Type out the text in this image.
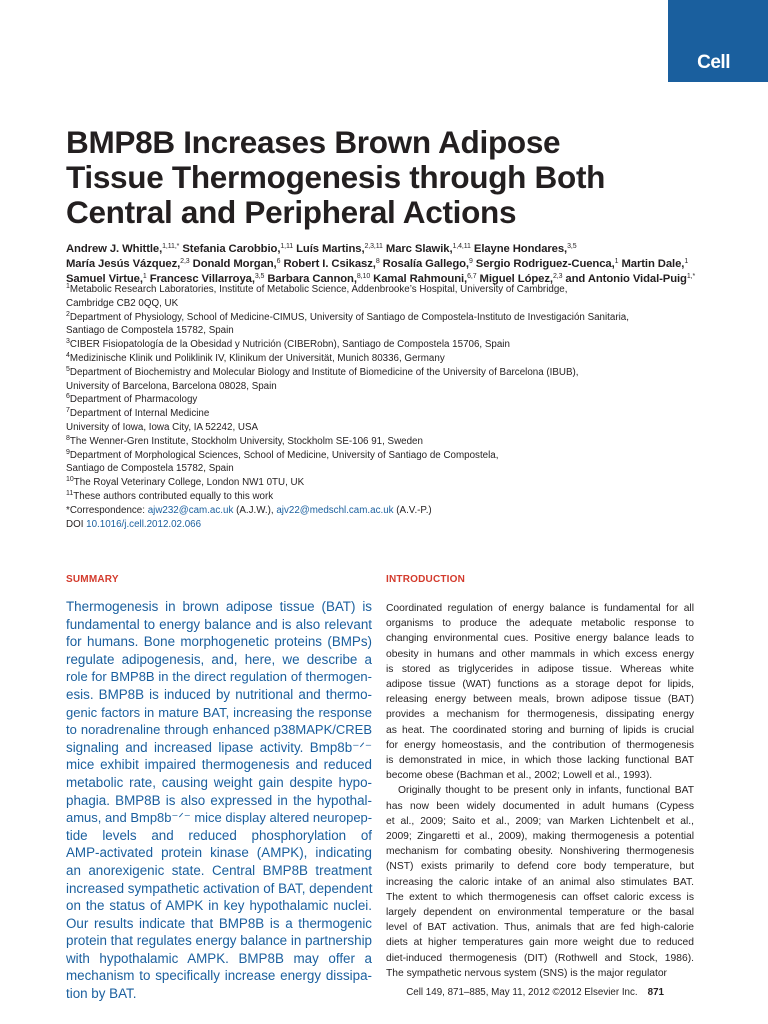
Cell
BMP8B Increases Brown Adipose
Tissue Thermogenesis through Both
Central and Peripheral Actions
Andrew J. Whittle,$^{1,11,*}$ Stefania Carobbio,$^{1,11}$ Luís Martins,$^{2,3,11}$ Marc Slawik,$^{1,4,11}$ Elayne Hondares,$^{3,5}$
María Jesús Vázquez,$^{2,3}$ Donald Morgan,$^6$ Robert I. Csikasz,$^8$ Rosalía Gallego,$^9$ Sergio Rodriguez-Cuenca,$^1$ Martin Dale,$^1$
Samuel Virtue,$^1$ Francesc Villarroya,$^{3,5}$ Barbara Cannon,$^{8,10}$ Kamal Rahmouni,$^{6,7}$ Miguel López,$^{2,3}$ and Antonio Vidal-Puig$^{1,*}$
$^1$Metabolic Research Laboratories, Institute of Metabolic Science, Addenbrooke’s Hospital, University of Cambridge,
Cambridge CB2 0QQ, UK
$^2$Department of Physiology, School of Medicine-CIMUS, University of Santiago de Compostela-Instituto de Investigación Sanitaria,
Santiago de Compostela 15782, Spain
$^3$CIBER Fisiopatología de la Obesidad y Nutrición (CIBERobn), Santiago de Compostela 15706, Spain
$^4$Medizinische Klinik und Poliklinik IV, Klinikum der Universität, Munich 80336, Germany
$^5$Department of Biochemistry and Molecular Biology and Institute of Biomedicine of the University of Barcelona (IBUB),
University of Barcelona, Barcelona 08028, Spain
$^6$Department of Pharmacology
$^7$Department of Internal Medicine
University of Iowa, Iowa City, IA 52242, USA
$^8$The Wenner-Gren Institute, Stockholm University, Stockholm SE-106 91, Sweden
$^9$Department of Morphological Sciences, School of Medicine, University of Santiago de Compostela,
Santiago de Compostela 15782, Spain
$^{10}$The Royal Veterinary College, London NW1 0TU, UK
$^{11}$These authors contributed equally to this work
*Correspondence: ajw232@cam.ac.uk (A.J.W.), ajv22@medschl.cam.ac.uk (A.V.-P.)
DOI 10.1016/j.cell.2012.02.066
SUMMARY	INTRODUCTION
Thermogenesis in brown adipose tissue (BAT) is
fundamental to energy balance and is also relevant
for humans. Bone morphogenetic proteins (BMPs)
regulate adipogenesis, and, here, we describe a
role for BMP8B in the direct regulation of thermogen-
esis. BMP8B is induced by nutritional and thermo-
genic factors in mature BAT, increasing the response
to noradrenaline through enhanced p38MAPK/CREB
signaling and increased lipase activity. Bmp8b⁻ᐟ⁻
mice exhibit impaired thermogenesis and reduced
metabolic rate, causing weight gain despite hypo-
phagia. BMP8B is also expressed in the hypothal-
amus, and Bmp8b⁻ᐟ⁻ mice display altered neuropep-
tide levels and reduced phosphorylation of
AMP-activated protein kinase (AMPK), indicating
an anorexigenic state. Central BMP8B treatment
increased sympathetic activation of BAT, dependent
on the status of AMPK in key hypothalamic nuclei.
Our results indicate that BMP8B is a thermogenic
protein that regulates energy balance in partnership
with hypothalamic AMPK. BMP8B may offer a
mechanism to specifically increase energy dissipa-
tion by BAT.
Coordinated regulation of energy balance is fundamental for all
organisms to produce the adequate metabolic response to
changing environmental cues. Positive energy balance leads to
obesity in humans and other mammals in which excess energy
is stored as triglycerides in adipose tissue. Whereas white
adipose tissue (WAT) functions as a storage depot for lipids,
releasing energy between meals, brown adipose tissue (BAT)
provides a mechanism for thermogenesis, dissipating energy
as heat. The coordinated storing and burning of lipids is crucial
for energy homeostasis, and the contribution of thermogenesis
is demonstrated in mice, in which those lacking functional BAT
become obese (Bachman et al., 2002; Lowell et al., 1993).
Originally thought to be present only in infants, functional BAT
has now been widely documented in adult humans (Cypess
et al., 2009; Saito et al., 2009; van Marken Lichtenbelt et al.,
2009; Zingaretti et al., 2009), making thermogenesis a potential
mechanism for combating obesity. Nonshivering thermogenesis
(NST) exists primarily to defend core body temperature, but
increasing the caloric intake of an animal also stimulates BAT.
The extent to which thermogenesis can offset caloric excess is
largely dependent on environmental temperature or the basal
level of BAT activation. Thus, animals that are fed high-calorie
diets at higher temperatures gain more weight due to reduced
diet-induced thermogenesis (DIT) (Rothwell and Stock, 1986).
The sympathetic nervous system (SNS) is the major regulator
Cell 149, 871–885, May 11, 2012 ©2012 Elsevier Inc. 871
